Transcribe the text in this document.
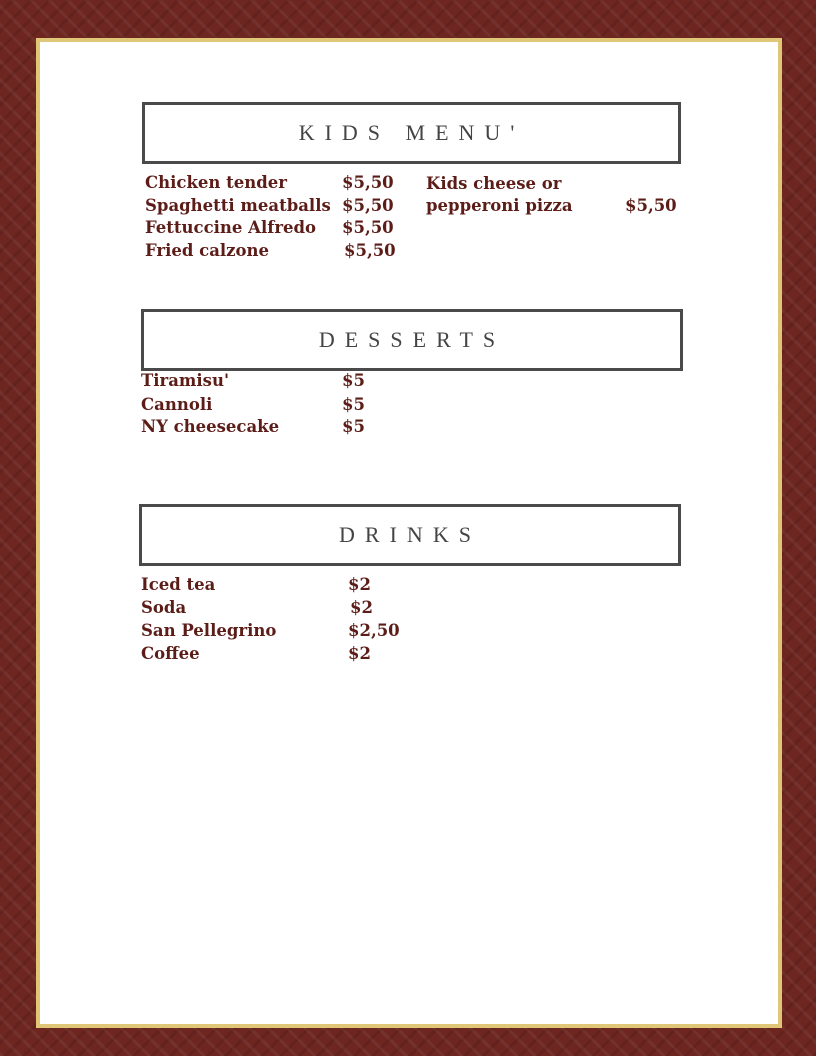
KIDS MENU'
Chicken tender	$5,50
Spaghetti meatballs $5,50
Fettuccine Alfredo $5,50
Fried calzone	$5,50
Kids cheese or
pepperoni pizza	$5,50
DESSERTS
Tiramisu'	$5
Cannoli	$5
NY cheesecake	$5
DRINKS
Iced tea	$2
Soda	$2
San Pellegrino	$2,50
Coffee	$2
